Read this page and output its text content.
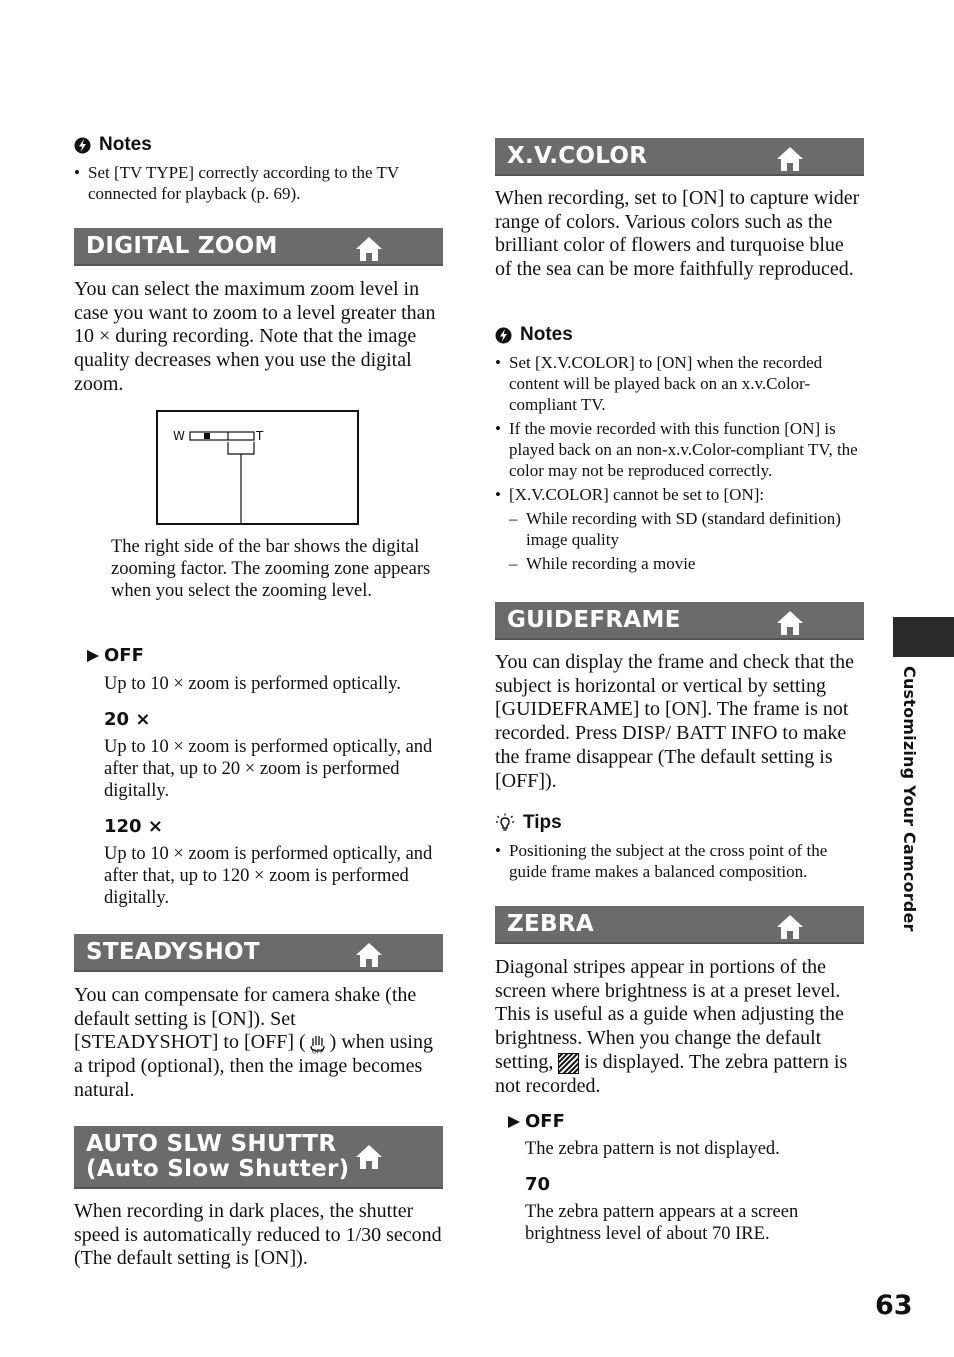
Notes
• Set [TV TYPE] correctly according to the TV connected for playback (p. 69).
DIGITAL ZOOM

You can select the maximum zoom level in case you want to zoom to a level greater than 10 × during recording. Note that the image quality decreases when you use the digital zoom.

W	T

The right side of the bar shows the digital zooming factor. The zooming zone appears when you select the zooming level.

OFF

Up to 10 × zoom is performed optically.

20 ×

Up to 10 × zoom is performed optically, and after that, up to 20 × zoom is performed digitally.

120 ×

Up to 10 × zoom is performed optically, and after that, up to 120 × zoom is performed digitally.

STEADYSHOT

You can compensate for camera shake (the default setting is [ON]). Set [STEADYSHOT] to [OFF] ( OFF ) when using a tripod (optional), then the image becomes natural.

AUTO SLW SHUTTR
(Auto Slow Shutter)

When recording in dark places, the shutter speed is automatically reduced to 1/30 second (The default setting is [ON]).

X.V.COLOR

When recording, set to [ON] to capture wider range of colors. Various colors such as the brilliant color of flowers and turquoise blue of the sea can be more faithfully reproduced.

Notes
• Set [X.V.COLOR] to [ON] when the recorded content will be played back on an x.v.Color-compliant TV.
• If the movie recorded with this function [ON] is played back on an non-x.v.Color-compliant TV, the color may not be reproduced correctly.
• [X.V.COLOR] cannot be set to [ON]:
– While recording with SD (standard definition) image quality
– While recording a movie
GUIDEFRAME

You can display the frame and check that the subject is horizontal or vertical by setting [GUIDEFRAME] to [ON]. The frame is not recorded. Press DISP/ BATT INFO to make the frame disappear (The default setting is [OFF]).

Tips
• Positioning the subject at the cross point of the guide frame makes a balanced composition.
ZEBRA

Diagonal stripes appear in portions of the screen where brightness is at a preset level. This is useful as a guide when adjusting the brightness. When you change the default setting, is displayed. The zebra pattern is not recorded.

OFF

The zebra pattern is not displayed.

70

The zebra pattern appears at a screen brightness level of about 70 IRE.

Customizing Your Camcorder
63
